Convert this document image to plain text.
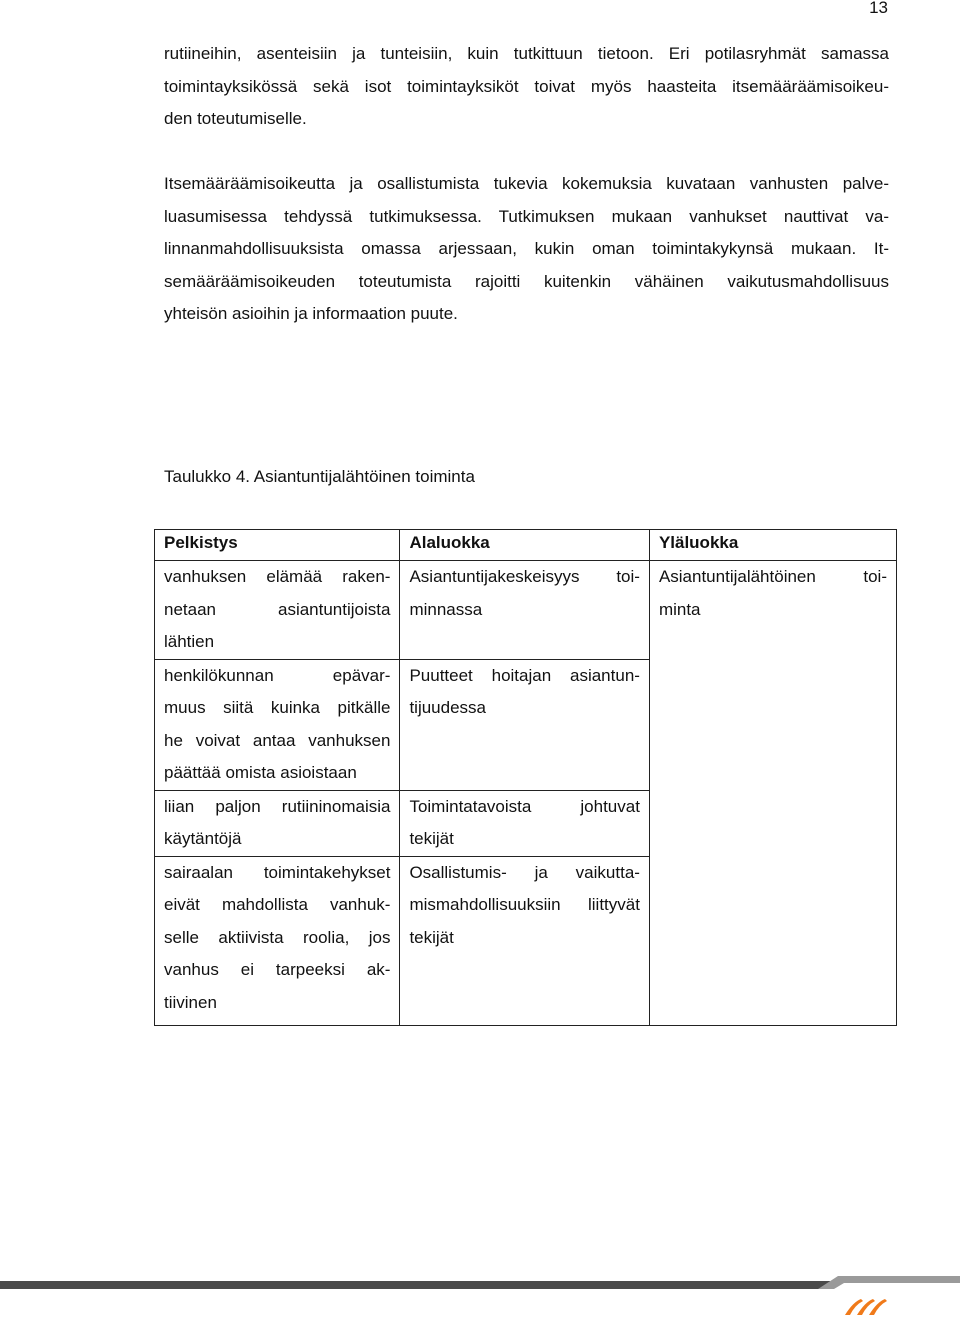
13

rutiineihin, asenteisiin ja tunteisiin, kuin tutkittuun tietoon. Eri potilasryhmät samassa
toimintayksikössä sekä isot toimintayksiköt toivat myös haasteita itsemääräämisoikeu-
den toteutumiselle.

Itsemääräämisoikeutta ja osallistumista tukevia kokemuksia kuvataan vanhusten palve-
luasumisessa tehdyssä tutkimuksessa. Tutkimuksen mukaan vanhukset nauttivat va-
linnanmahdollisuuksista omassa arjessaan, kukin oman toimintakykynsä mukaan. It-
semääräämisoikeuden toteutumista rajoitti kuitenkin vähäinen vaikutusmahdollisuus
yhteisön asioihin ja informaation puute.

Taulukko 4. Asiantuntijalähtöinen toiminta
Pelkistys	Alaluokka	Yläluokka

vanhuksen elämää raken-
netaan asiantuntijoista
lähtien	Asiantuntijakeskeisyys toi-
minnassa	Asiantuntijalähtöinen toi-
minta

henkilökunnan epävar-
muus siitä kuinka pitkälle
he voivat antaa vanhuksen
päättää omista asioistaan	Puutteet hoitajan asiantun-
tijuudessa	

liian paljon rutiininomaisia
käytäntöjä	Toimintatavoista johtuvat
tekijät	

sairaalan toimintakehykset
eivät mahdollista vanhuk-
selle aktiivista roolia, jos
vanhus ei tarpeeksi ak-
tiivinen	Osallistumis- ja vaikutta-
mismahdollisuuksiin liittyvät
tekijät	
